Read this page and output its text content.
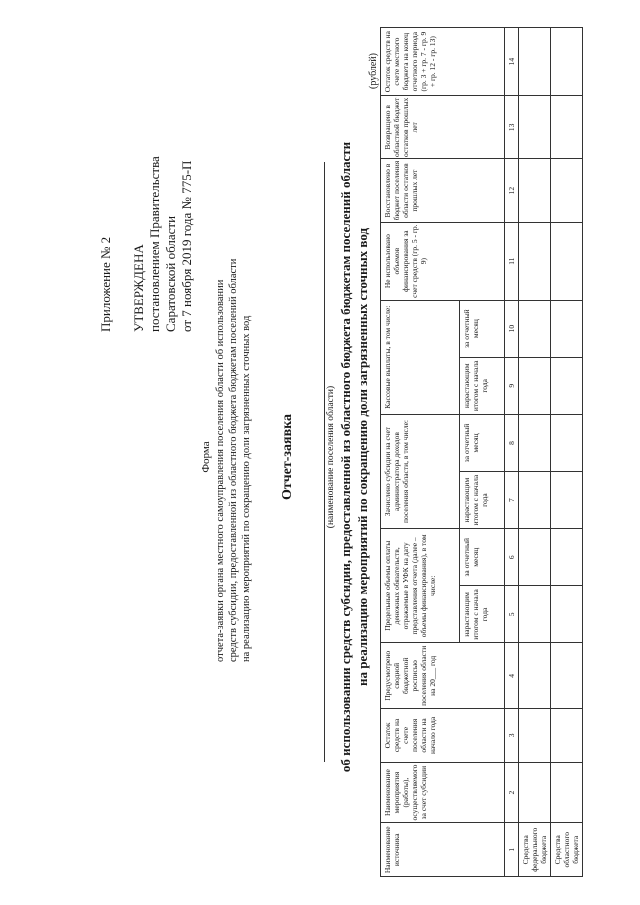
Приложение № 2 УТВЕРЖДЕНА постановлением Правительства Саратовской области от 7 ноября 2019 года № 775-П
Форма отчета-заявки органа местного самоуправления поселения области об использовании средств субсидии, предоставленной из областного бюджета бюджетам поселений области на реализацию мероприятий по сокращению доли загрязненных сточных вод Отчет-заявка	(наименование поселения области) об использовании средств субсидии, предоставленной из областного бюджета бюджетам поселений области на реализацию мероприятий по сокращению доли загрязненных сточных вод
(рублей)
Наименование источника	Наименование мероприятия (работы), осуществляемого за счет субсидии	Остаток средств на счете поселения области на начало года	Предусмотрено сводной бюджетной росписью поселения области на 20___ год	Предельные объемы оплаты денежных обязательств, отражаемые в УФК на дату представления отчета (далее – объемы финансирования), в том числе:		Зачислено субсидии на счет администратора доходов поселения области, в том числе:		Кассовые выплаты, в том числе:		Не использовано объемов финансирования за счет средств (гр. 5 - гр. 9)	Восстановлено в бюджет поселения области остатков прошлых лет	Возвращено в областной бюджет остатков прошлых лет	Остаток средств на счете местного бюджета на конец отчетного периода (гр. 3 + гр. 7 - гр. 9 + гр. 12 - гр. 13)
				нарастающим итогом с начала года	за отчетный месяц	нарастающим итогом с начала года	за отчетный месяц	нарастающим итогом с начала года	за отчетный месяц				
1	2	3	4	5	6	7	8	9	10	11	12	13	14
Средства федерального бюджета													
Средства областного бюджета													
